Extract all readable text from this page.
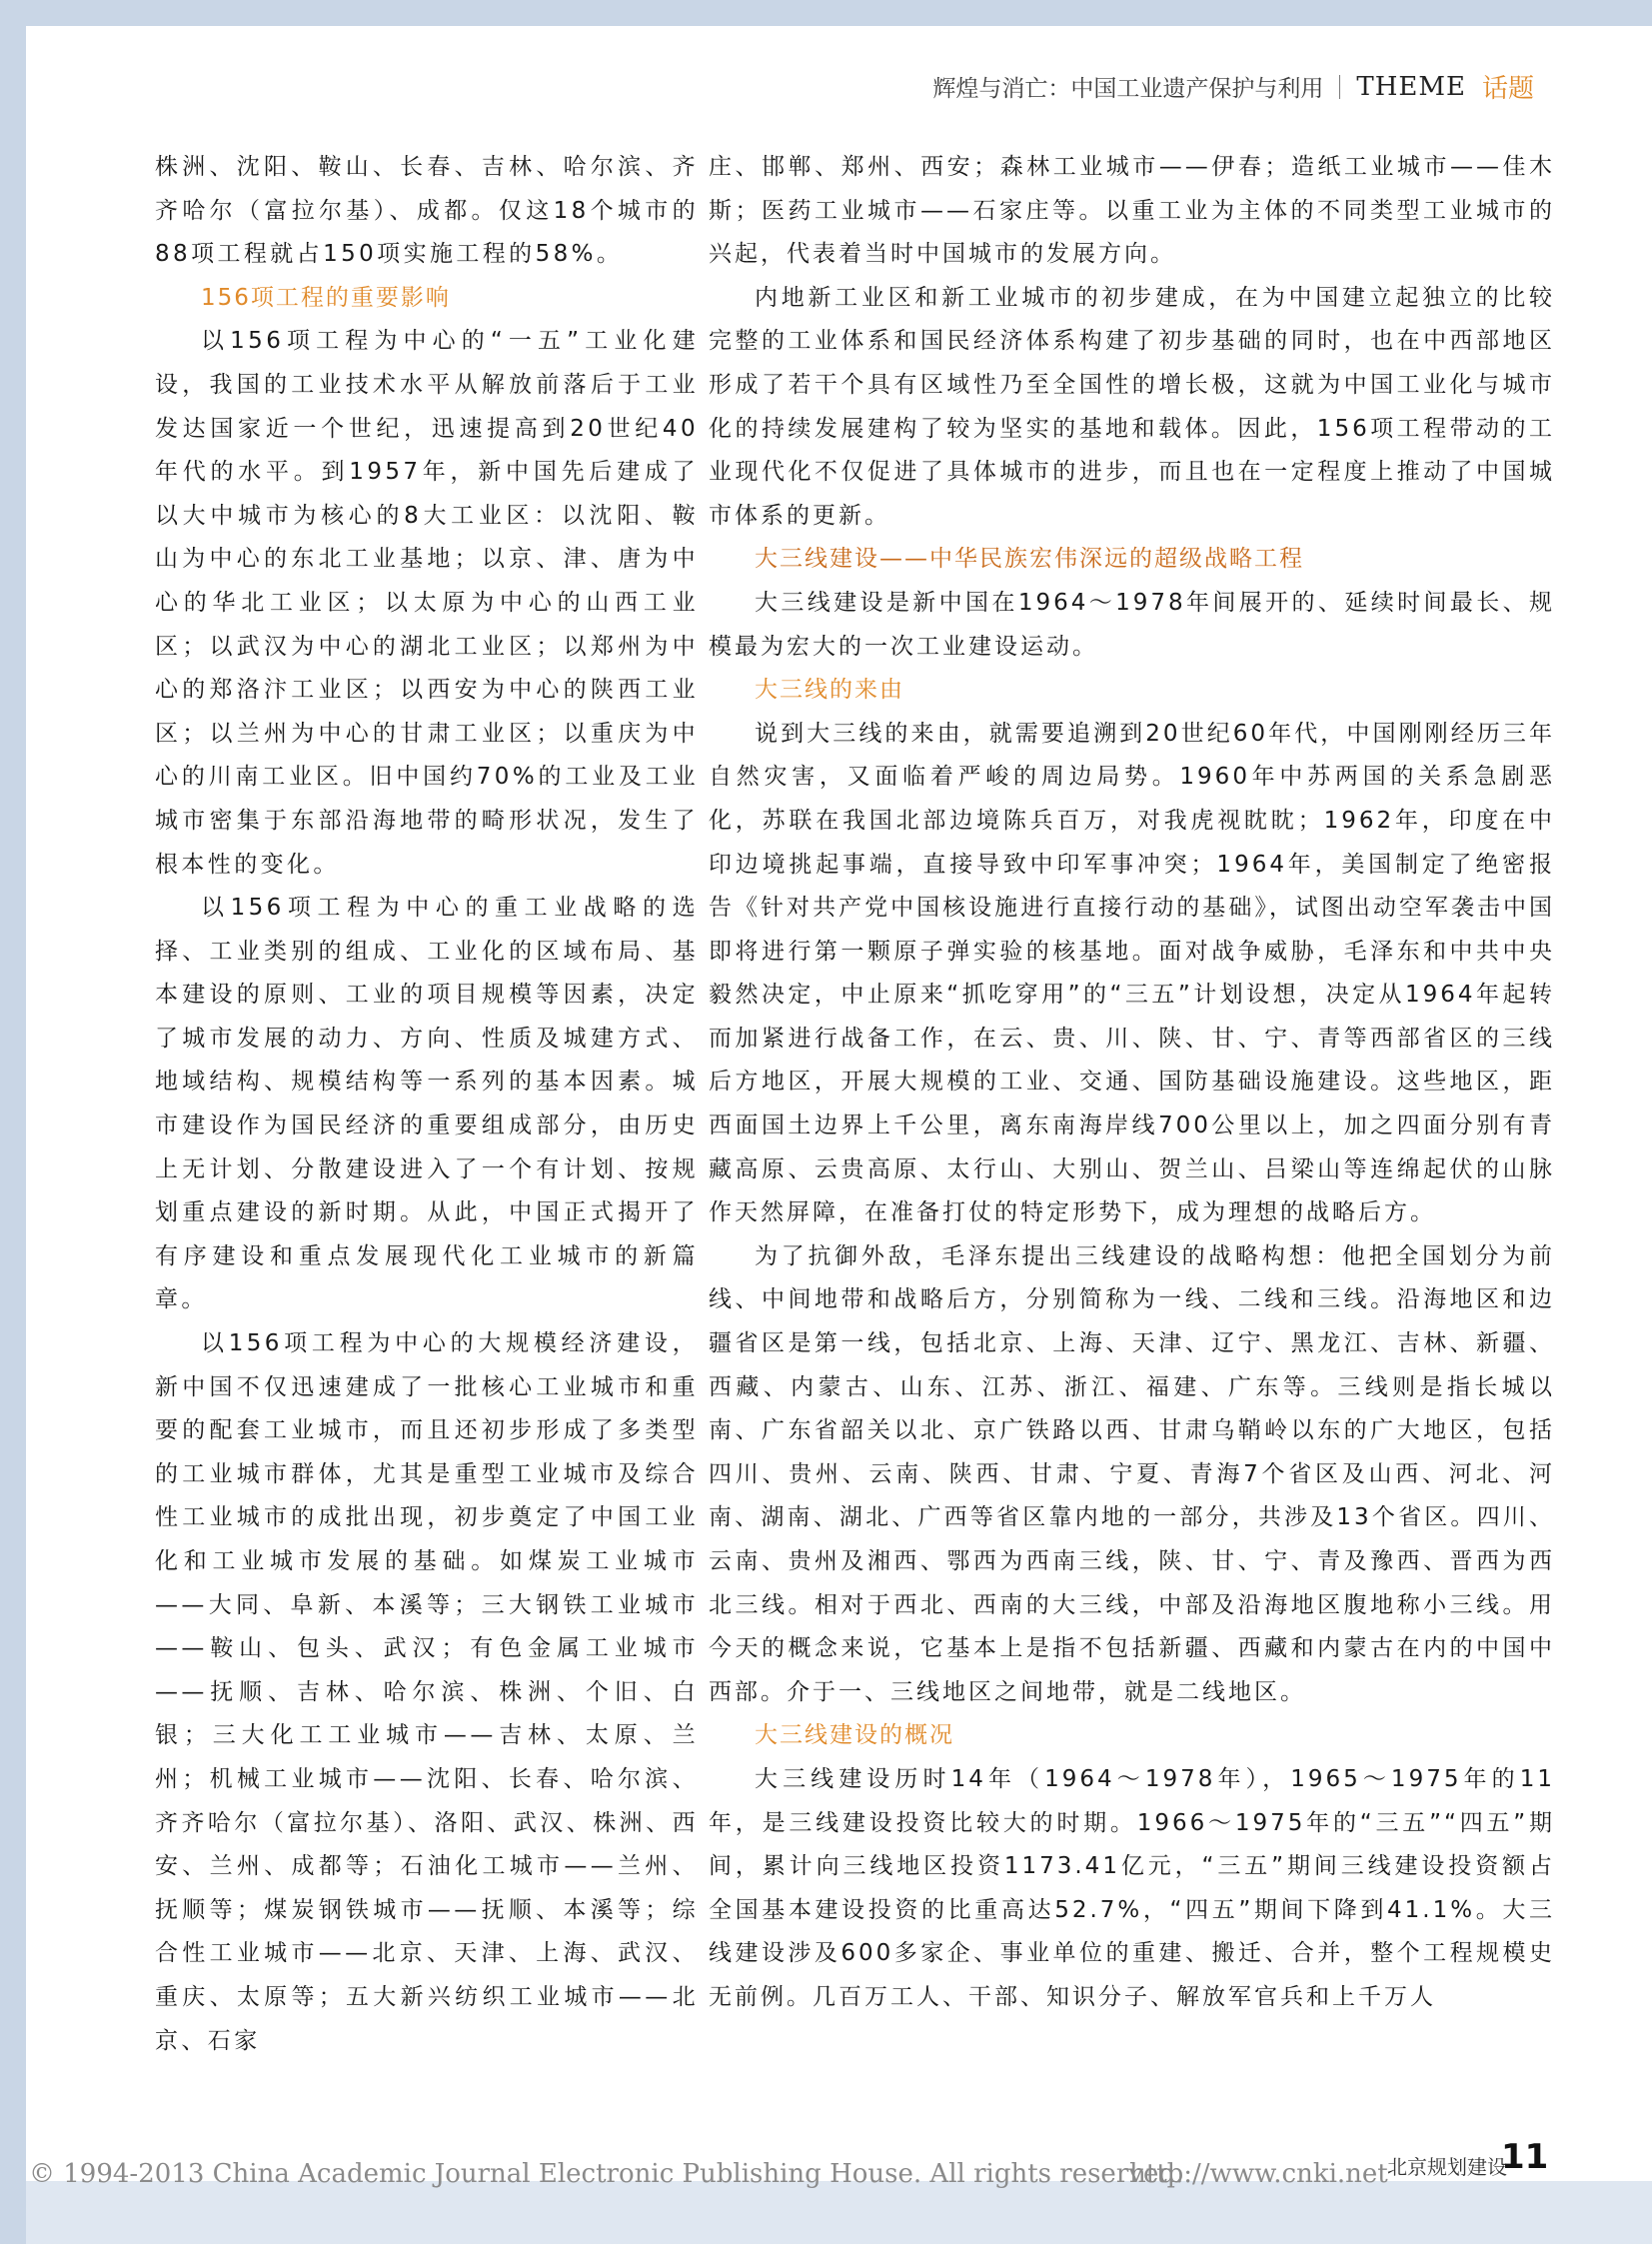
辉煌与消亡：中国工业遗产保护与利用 THEME 话题

株洲、沈阳、鞍山、长春、吉林、哈尔滨、齐齐哈尔（富拉尔基）、成都。仅这18个城市的88项工程就占150项实施工程的58%。

156项工程的重要影响

以156项工程为中心的“一五”工业化建设，我国的工业技术水平从解放前落后于工业发达国家近一个世纪，迅速提高到20世纪40年代的水平。到1957年，新中国先后建成了以大中城市为核心的8大工业区：以沈阳、鞍山为中心的东北工业基地；以京、津、唐为中心的华北工业区；以太原为中心的山西工业区；以武汉为中心的湖北工业区；以郑州为中心的郑洛汴工业区；以西安为中心的陕西工业区；以兰州为中心的甘肃工业区；以重庆为中心的川南工业区。旧中国约70%的工业及工业城市密集于东部沿海地带的畸形状况，发生了根本性的变化。

以156项工程为中心的重工业战略的选择、工业类别的组成、工业化的区域布局、基本建设的原则、工业的项目规模等因素，决定了城市发展的动力、方向、性质及城建方式、地域结构、规模结构等一系列的基本因素。城市建设作为国民经济的重要组成部分，由历史上无计划、分散建设进入了一个有计划、按规划重点建设的新时期。从此，中国正式揭开了有序建设和重点发展现代化工业城市的新篇章。

以156项工程为中心的大规模经济建设，新中国不仅迅速建成了一批核心工业城市和重要的配套工业城市，而且还初步形成了多类型的工业城市群体，尤其是重型工业城市及综合性工业城市的成批出现，初步奠定了中国工业化和工业城市发展的基础。如煤炭工业城市——大同、阜新、本溪等；三大钢铁工业城市——鞍山、包头、武汉；有色金属工业城市——抚顺、吉林、哈尔滨、株洲、个旧、白银；三大化工工业城市——吉林、太原、兰州；机械工业城市——沈阳、长春、哈尔滨、齐齐哈尔（富拉尔基）、洛阳、武汉、株洲、西安、兰州、成都等；石油化工城市——兰州、抚顺等；煤炭钢铁城市——抚顺、本溪等；综合性工业城市——北京、天津、上海、武汉、重庆、太原等；五大新兴纺织工业城市——北京、石家

庄、邯郸、郑州、西安；森林工业城市——伊春；造纸工业城市——佳木斯；医药工业城市——石家庄等。以重工业为主体的不同类型工业城市的兴起，代表着当时中国城市的发展方向。

内地新工业区和新工业城市的初步建成，在为中国建立起独立的比较完整的工业体系和国民经济体系构建了初步基础的同时，也在中西部地区形成了若干个具有区域性乃至全国性的增长极，这就为中国工业化与城市化的持续发展建构了较为坚实的基地和载体。因此，156项工程带动的工业现代化不仅促进了具体城市的进步，而且也在一定程度上推动了中国城市体系的更新。

大三线建设——中华民族宏伟深远的超级战略工程

大三线建设是新中国在1964～1978年间展开的、延续时间最长、规模最为宏大的一次工业建设运动。

大三线的来由

说到大三线的来由，就需要追溯到20世纪60年代，中国刚刚经历三年自然灾害，又面临着严峻的周边局势。1960年中苏两国的关系急剧恶化，苏联在我国北部边境陈兵百万，对我虎视眈眈；1962年，印度在中印边境挑起事端，直接导致中印军事冲突；1964年，美国制定了绝密报告《针对共产党中国核设施进行直接行动的基础》，试图出动空军袭击中国即将进行第一颗原子弹实验的核基地。面对战争威胁，毛泽东和中共中央毅然决定，中止原来“抓吃穿用”的“三五”计划设想，决定从1964年起转而加紧进行战备工作，在云、贵、川、陕、甘、宁、青等西部省区的三线后方地区，开展大规模的工业、交通、国防基础设施建设。这些地区，距西面国土边界上千公里，离东南海岸线700公里以上，加之四面分别有青藏高原、云贵高原、太行山、大别山、贺兰山、吕梁山等连绵起伏的山脉作天然屏障，在准备打仗的特定形势下，成为理想的战略后方。

为了抗御外敌，毛泽东提出三线建设的战略构想：他把全国划分为前线、中间地带和战略后方，分别简称为一线、二线和三线。沿海地区和边疆省区是第一线，包括北京、上海、天津、辽宁、黑龙江、吉林、新疆、西藏、内蒙古、山东、江苏、浙江、福建、广东等。三线则是指长城以南、广东省韶关以北、京广铁路以西、甘肃乌鞘岭以东的广大地区，包括四川、贵州、云南、陕西、甘肃、宁夏、青海7个省区及山西、河北、河南、湖南、湖北、广西等省区靠内地的一部分，共涉及13个省区。四川、云南、贵州及湘西、鄂西为西南三线，陕、甘、宁、青及豫西、晋西为西北三线。相对于西北、西南的大三线，中部及沿海地区腹地称小三线。用今天的概念来说，它基本上是指不包括新疆、西藏和内蒙古在内的中国中西部。介于一、三线地区之间地带，就是二线地区。

大三线建设的概况

大三线建设历时14年（1964～1978年），1965～1975年的11年，是三线建设投资比较大的时期。1966～1975年的“三五”“四五”期间，累计向三线地区投资1173.41亿元，“三五”期间三线建设投资额占全国基本建设投资的比重高达52.7%，“四五”期间下降到41.1%。大三线建设涉及600多家企、事业单位的重建、搬迁、合并，整个工程规模史无前例。几百万工人、干部、知识分子、解放军官兵和上千万人

© 1994-2013 China Academic Journal Electronic Publishing House. All rights reserved.
http://www.cnki.net 北京规划建设
11
